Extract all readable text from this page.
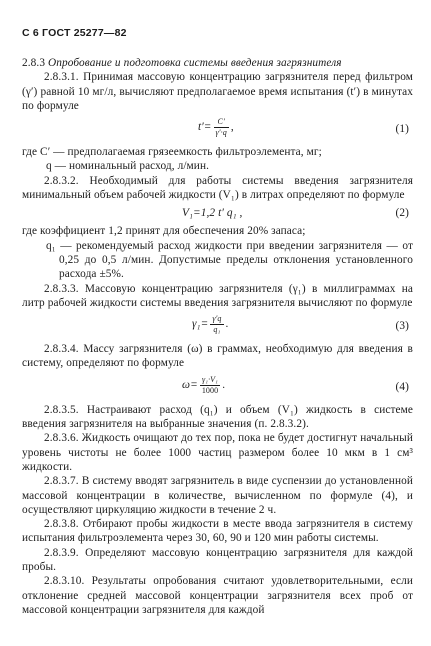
С 6 ГОСТ 25277—82

2.8.3 Опробование и подготовка системы введения загрязнителя

2.8.3.1. Принимая массовую концентрацию загрязнителя перед фильтром (γ′) равной 10 мг/л, вычисляют предполагаемое время испытания (t′) в минутах по формуле

$t'= \frac{C'}{\gamma'\cdot q}$ ,	(1)

где C′ — предполагаемая грязеемкость фильтроэлемента, мг;

q — номинальный расход, л/мин.

2.8.3.2. Необходимый для работы системы введения загрязнителя минимальный объем рабочей жидкости (V₁) в литрах определяют по формуле

V₁=1,2 t′ q₁ ,	(2)

где коэффициент 1,2 принят для обеспечения 20% запаса;

q₁ — рекомендуемый расход жидкости при введении загрязнителя — от 0,25 до 0,5 л/мин. Допустимые пределы отклонения установленного расхода ±5%.

2.8.3.3. Массовую концентрацию загрязнителя (γ₁) в миллиграммах на литр рабочей жидкости системы введения загрязнителя вычисляют по формуле

$\gamma_1= \frac{\gamma'q}{\text{q₁}}$ .	(3)

2.8.3.4. Массу загрязнителя (ω) в граммах, необходимую для введения в систему, определяют по формуле

$\omega= \frac{\text{γ₁·V₁}}{1000}$ .	(4)

2.8.3.5. Настраивают расход (q₁) и объем (V₁) жидкость в системе введения загрязнителя на выбранные значения (п. 2.8.3.2).

2.8.3.6. Жидкость очищают до тех пор, пока не будет достигнут начальный уровень чистоты не более 1000 частиц размером более 10 мкм в 1 см³ жидкости.

2.8.3.7. В систему вводят загрязнитель в виде суспензии до установленной массовой концентрации в количестве, вычисленном по формуле (4), и осуществляют циркуляцию жидкости в течение 2 ч.

2.8.3.8. Отбирают пробы жидкости в месте ввода загрязнителя в систему испытания фильтроэлемента через 30, 60, 90 и 120 мин работы системы.

2.8.3.9. Определяют массовую концентрацию загрязнителя для каждой пробы.

2.8.3.10. Результаты опробования считают удовлетворительными, если отклонение средней массовой концентрации загрязнителя всех проб от массовой концентрации загрязнителя для каждой
